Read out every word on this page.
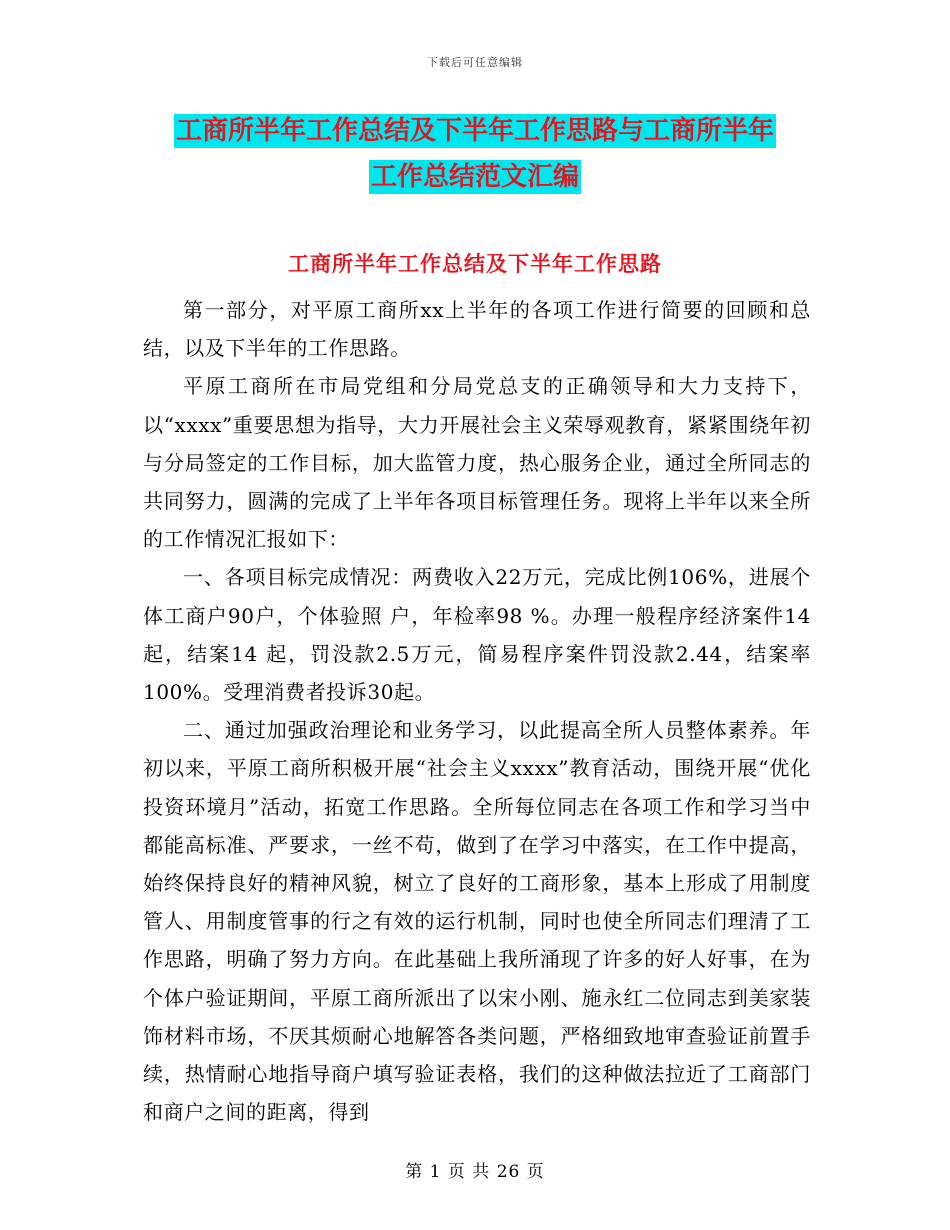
下载后可任意编辑
工商所半年工作总结及下半年工作思路与工商所半年
工作总结范文汇编
工商所半年工作总结及下半年工作思路

第一部分，对平原工商所xx上半年的各项工作进行简要的回顾和总结，以及下半年的工作思路。

平原工商所在市局党组和分局党总支的正确领导和大力支持下，以“xxxx”重要思想为指导，大力开展社会主义荣辱观教育，紧紧围绕年初与分局签定的工作目标，加大监管力度，热心服务企业，通过全所同志的共同努力，圆满的完成了上半年各项目标管理任务。现将上半年以来全所的工作情况汇报如下：

一、各项目标完成情况：两费收入22万元，完成比例106%，进展个体工商户90户，个体验照 户，年检率98 %。办理一般程序经济案件14 起，结案14 起，罚没款2.5万元，简易程序案件罚没款2.44，结案率100%。受理消费者投诉30起。

二、通过加强政治理论和业务学习，以此提高全所人员整体素养。年初以来，平原工商所积极开展“社会主义xxxx”教育活动，围绕开展“优化投资环境月”活动，拓宽工作思路。全所每位同志在各项工作和学习当中都能高标准、严要求，一丝不苟，做到了在学习中落实，在工作中提高，始终保持良好的精神风貌，树立了良好的工商形象，基本上形成了用制度管人、用制度管事的行之有效的运行机制，同时也使全所同志们理清了工作思路，明确了努力方向。在此基础上我所涌现了许多的好人好事，在为个体户验证期间，平原工商所派出了以宋小刚、施永红二位同志到美家装饰材料市场，不厌其烦耐心地解答各类问题，严格细致地审查验证前置手续，热情耐心地指导商户填写验证表格，我们的这种做法拉近了工商部门和商户之间的距离，得到

第 1 页 共 26 页
